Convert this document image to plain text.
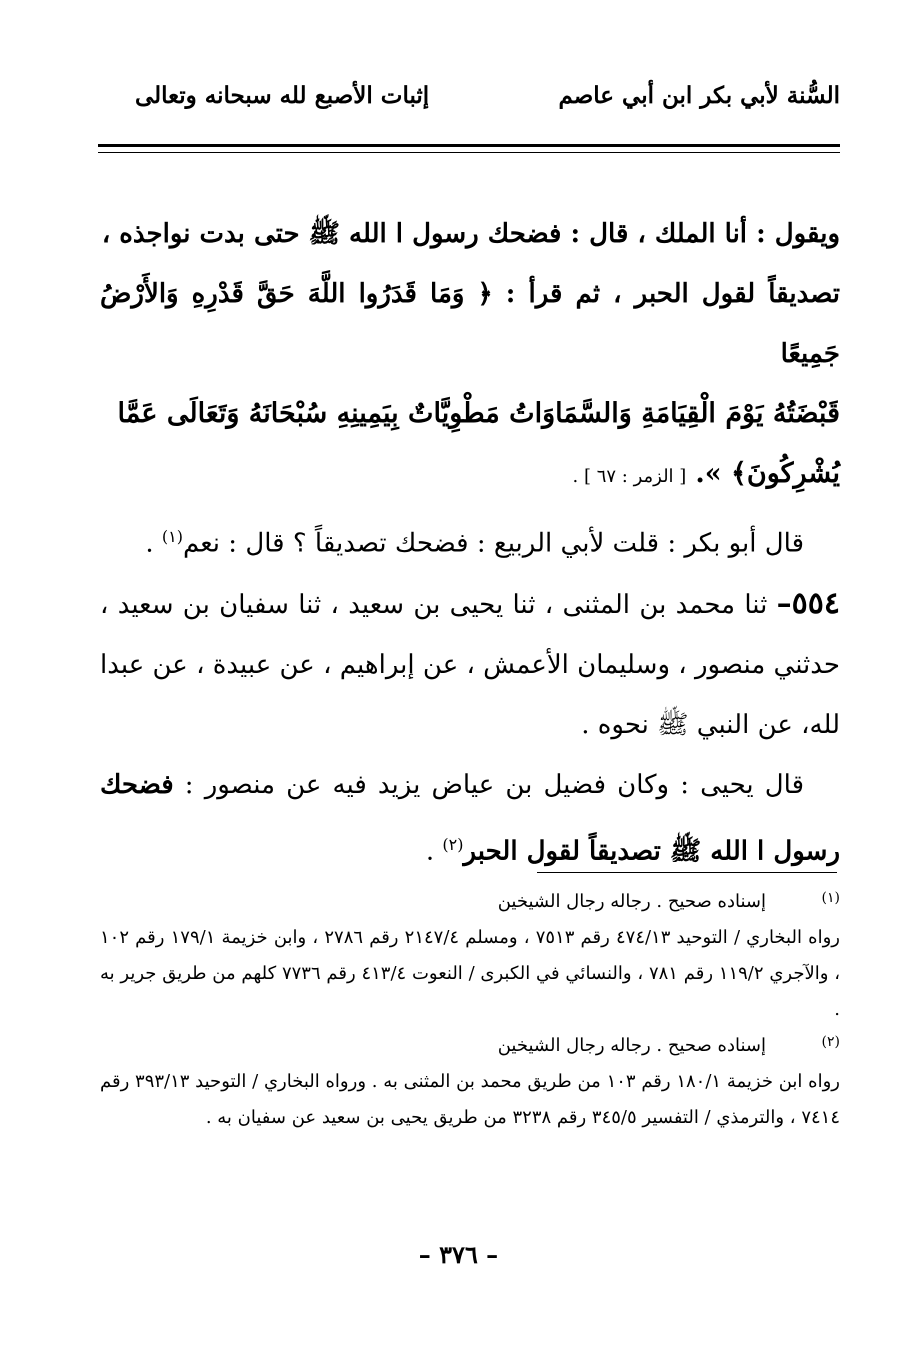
السُّنة لأبي بكر ابن أبي عاصم
إثبات الأصبع لله سبحانه وتعالى

ويقول : أنا الملك ، قال : فضحك رسول ا الله ﷺ حتى بدت نواجذه ،
تصديقاً لقول الحبر ، ثم قرأ : ﴿ وَمَا قَدَرُوا اللَّهَ حَقَّ قَدْرِهِ وَالأَرْضُ جَمِيعًا
قَبْضَتُهُ يَوْمَ الْقِيَامَةِ وَالسَّمَاوَاتُ مَطْوِيَّاتٌ بِيَمِينِهِ سُبْحَانَهُ وَتَعَالَى عَمَّا
يُشْرِكُونَ﴾ ». [ الزمر : ٦٧ ] .

قال أبو بكر : قلت لأبي الربيع : فضحك تصديقاً ؟ قال : نعم$^{(١)}$ .

٥٥٤– ثنا محمد بن المثنى ، ثنا يحيى بن سعيد ، ثنا سفيان بن سعيد ، حدثني منصور ، وسليمان الأعمش ، عن إبراهيم ، عن عبيدة ، عن عبدا لله، عن النبي ﷺ نحوه .

قال يحيى : وكان فضيل بن عياض يزيد فيه عن منصور : فضحك رسول ا الله ﷺ تصديقاً لقول الحبر$^{(٢)}$ .

(١)

إسناده صحيح . رجاله رجال الشيخين

رواه البخاري / التوحيد ٤٧٤/١٣ رقم ٧٥١٣ ، ومسلم ٢١٤٧/٤ رقم ٢٧٨٦ ، وابن خزيمة ١٧٩/١ رقم ١٠٢ ، والآجري ١١٩/٢ رقم ٧٨١ ، والنسائي في الكبرى / النعوت ٤١٣/٤ رقم ٧٧٣٦ كلهم من طريق جرير به .

(٢)

إسناده صحيح . رجاله رجال الشيخين

رواه ابن خزيمة ١٨٠/١ رقم ١٠٣ من طريق محمد بن المثنى به . ورواه البخاري / التوحيد ٣٩٣/١٣ رقم ٧٤١٤ ، والترمذي / التفسير ٣٤٥/٥ رقم ٣٢٣٨ من طريق يحيى بن سعيد عن سفيان به .

– ٣٧٦ –
